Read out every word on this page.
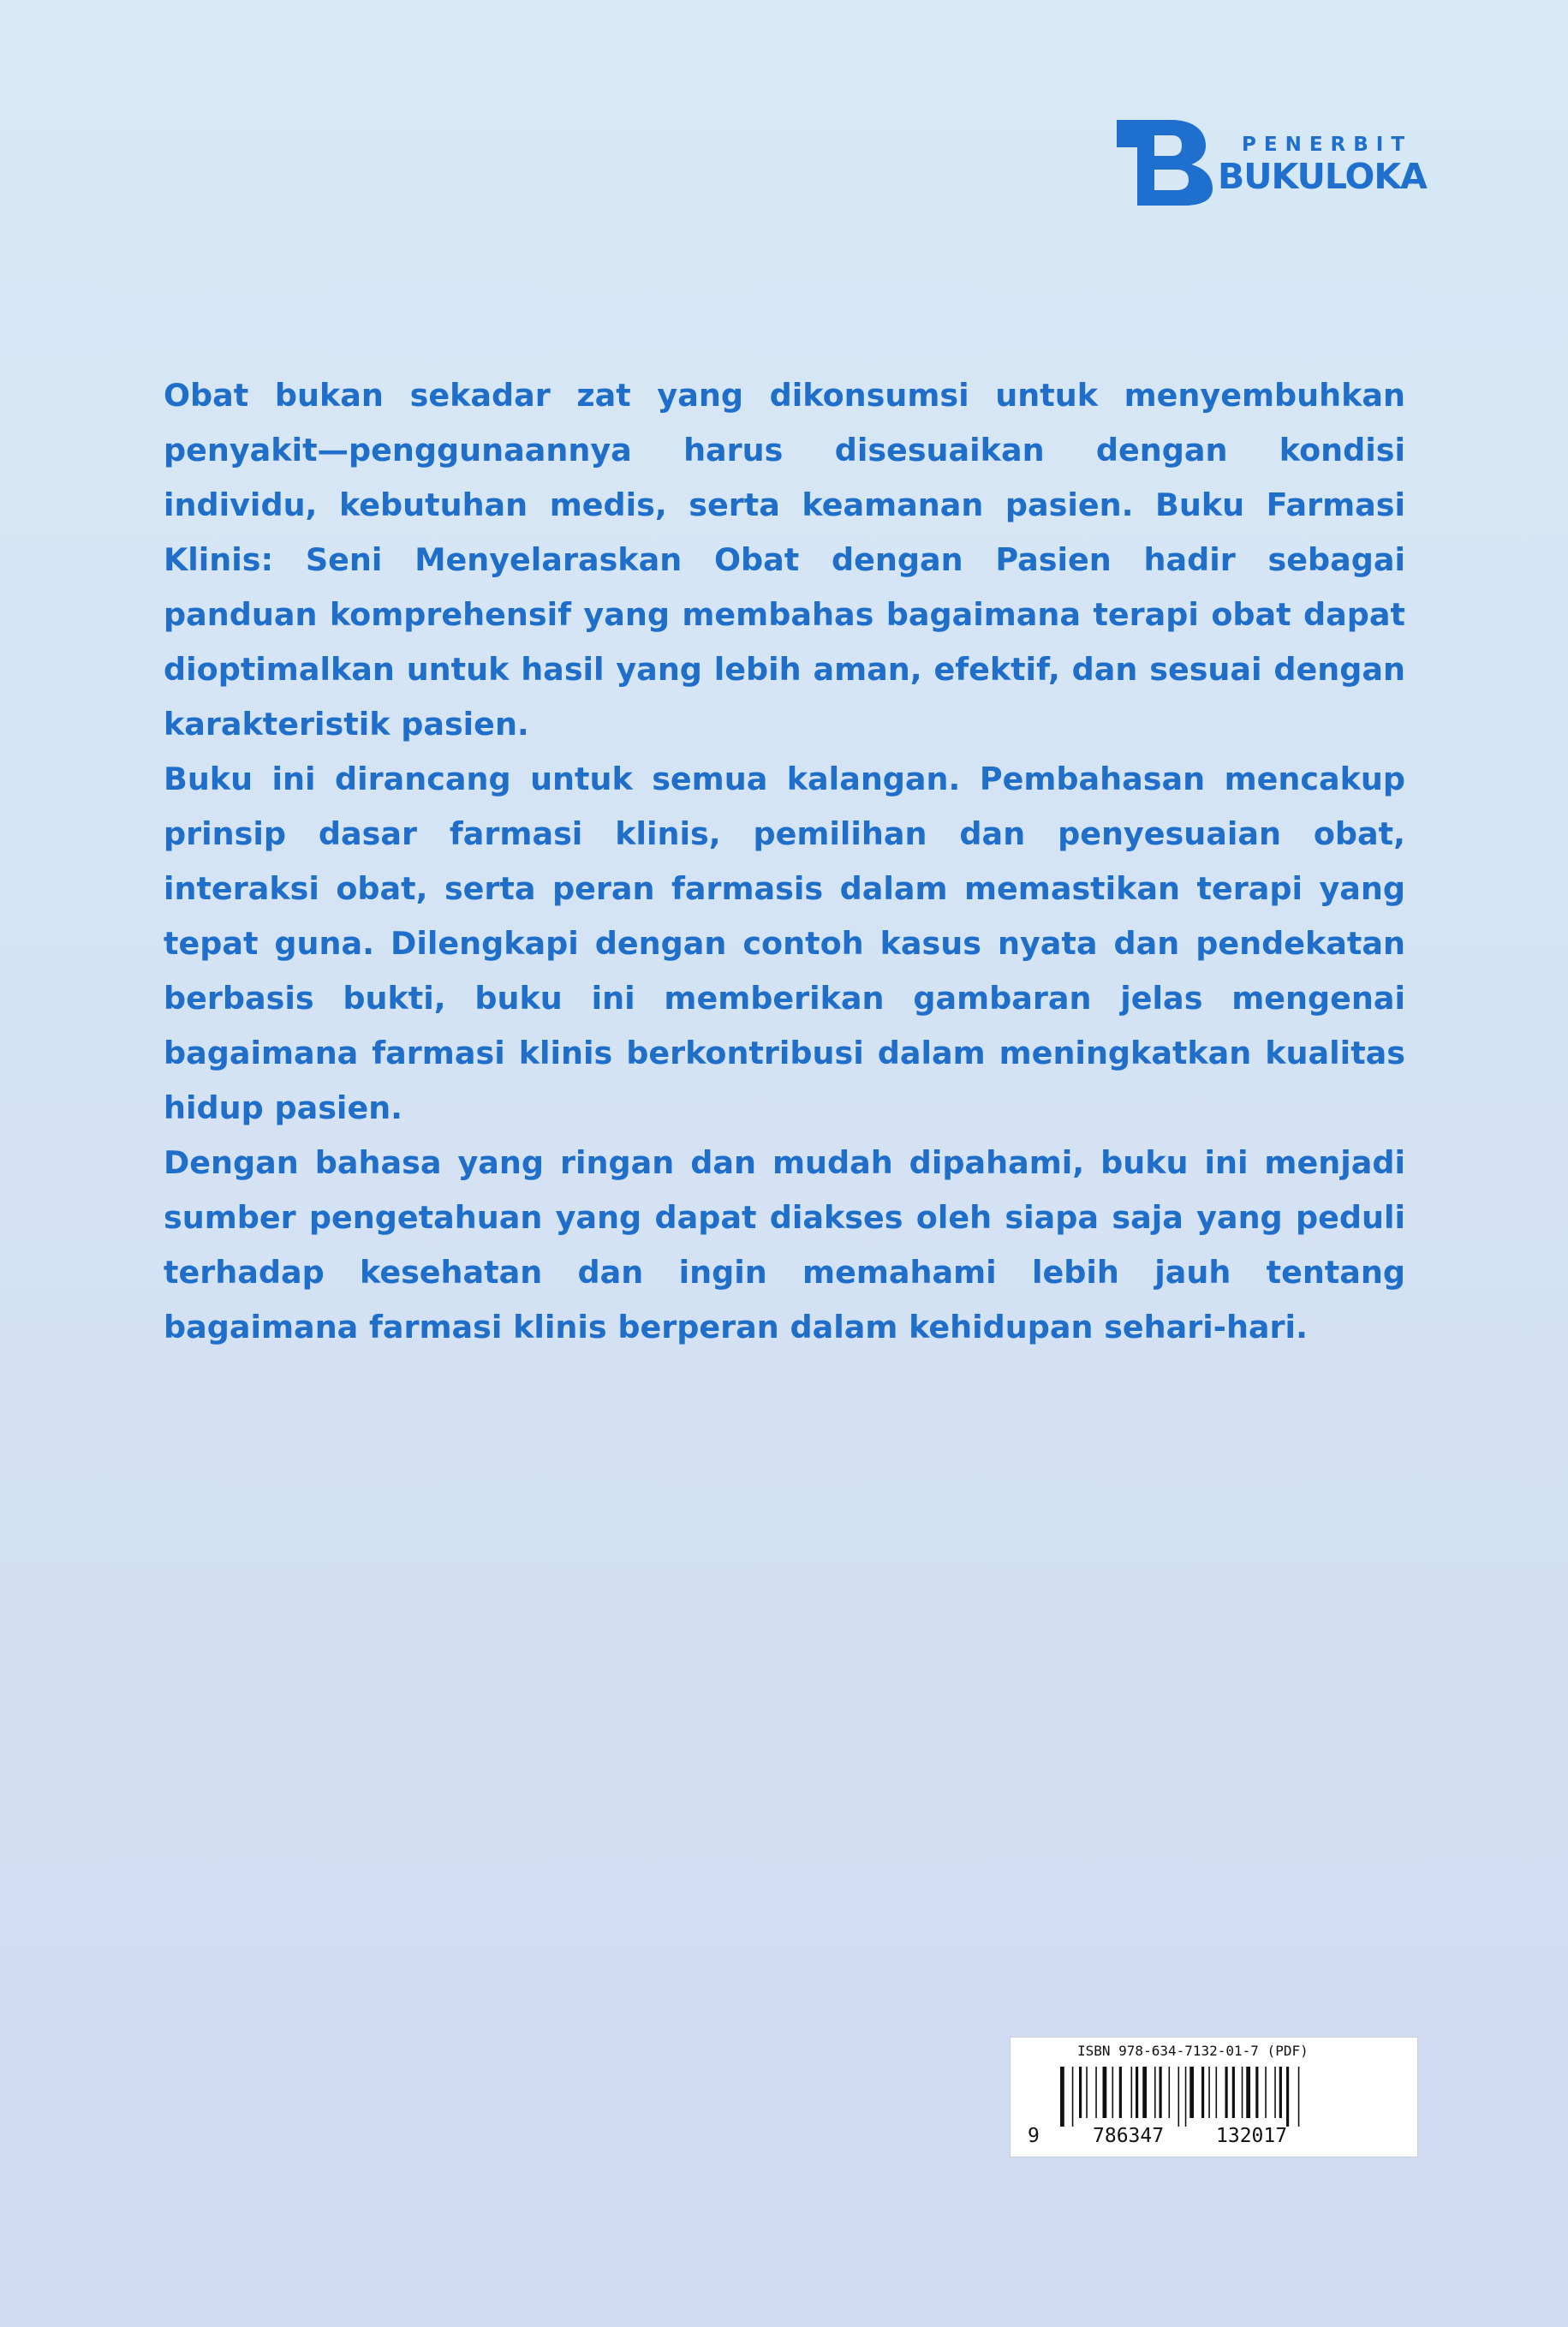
PENERBIT
BUKULOKA

Obat bukan sekadar zat yang dikonsumsi untuk menyembuhkan penyakit—penggunaannya harus disesuaikan dengan kondisi individu, kebutuhan medis, serta keamanan pasien. Buku Farmasi Klinis: Seni Menyelaraskan Obat dengan Pasien hadir sebagai panduan komprehensif yang membahas bagaimana terapi obat dapat dioptimalkan untuk hasil yang lebih aman, efektif, dan sesuai dengan karakteristik pasien.

Buku ini dirancang untuk semua kalangan. Pembahasan mencakup prinsip dasar farmasi klinis, pemilihan dan penyesuaian obat, interaksi obat, serta peran farmasis dalam memastikan terapi yang tepat guna. Dilengkapi dengan contoh kasus nyata dan pendekatan berbasis bukti, buku ini memberikan gambaran jelas mengenai bagaimana farmasi klinis berkontribusi dalam meningkatkan kualitas hidup pasien.

Dengan bahasa yang ringan dan mudah dipahami, buku ini menjadi sumber pengetahuan yang dapat diakses oleh siapa saja yang peduli terhadap kesehatan dan ingin memahami lebih jauh tentang bagaimana farmasi klinis berperan dalam kehidupan sehari-hari.

ISBN 978-634-7132-01-7 (PDF)
9	786347	132017
